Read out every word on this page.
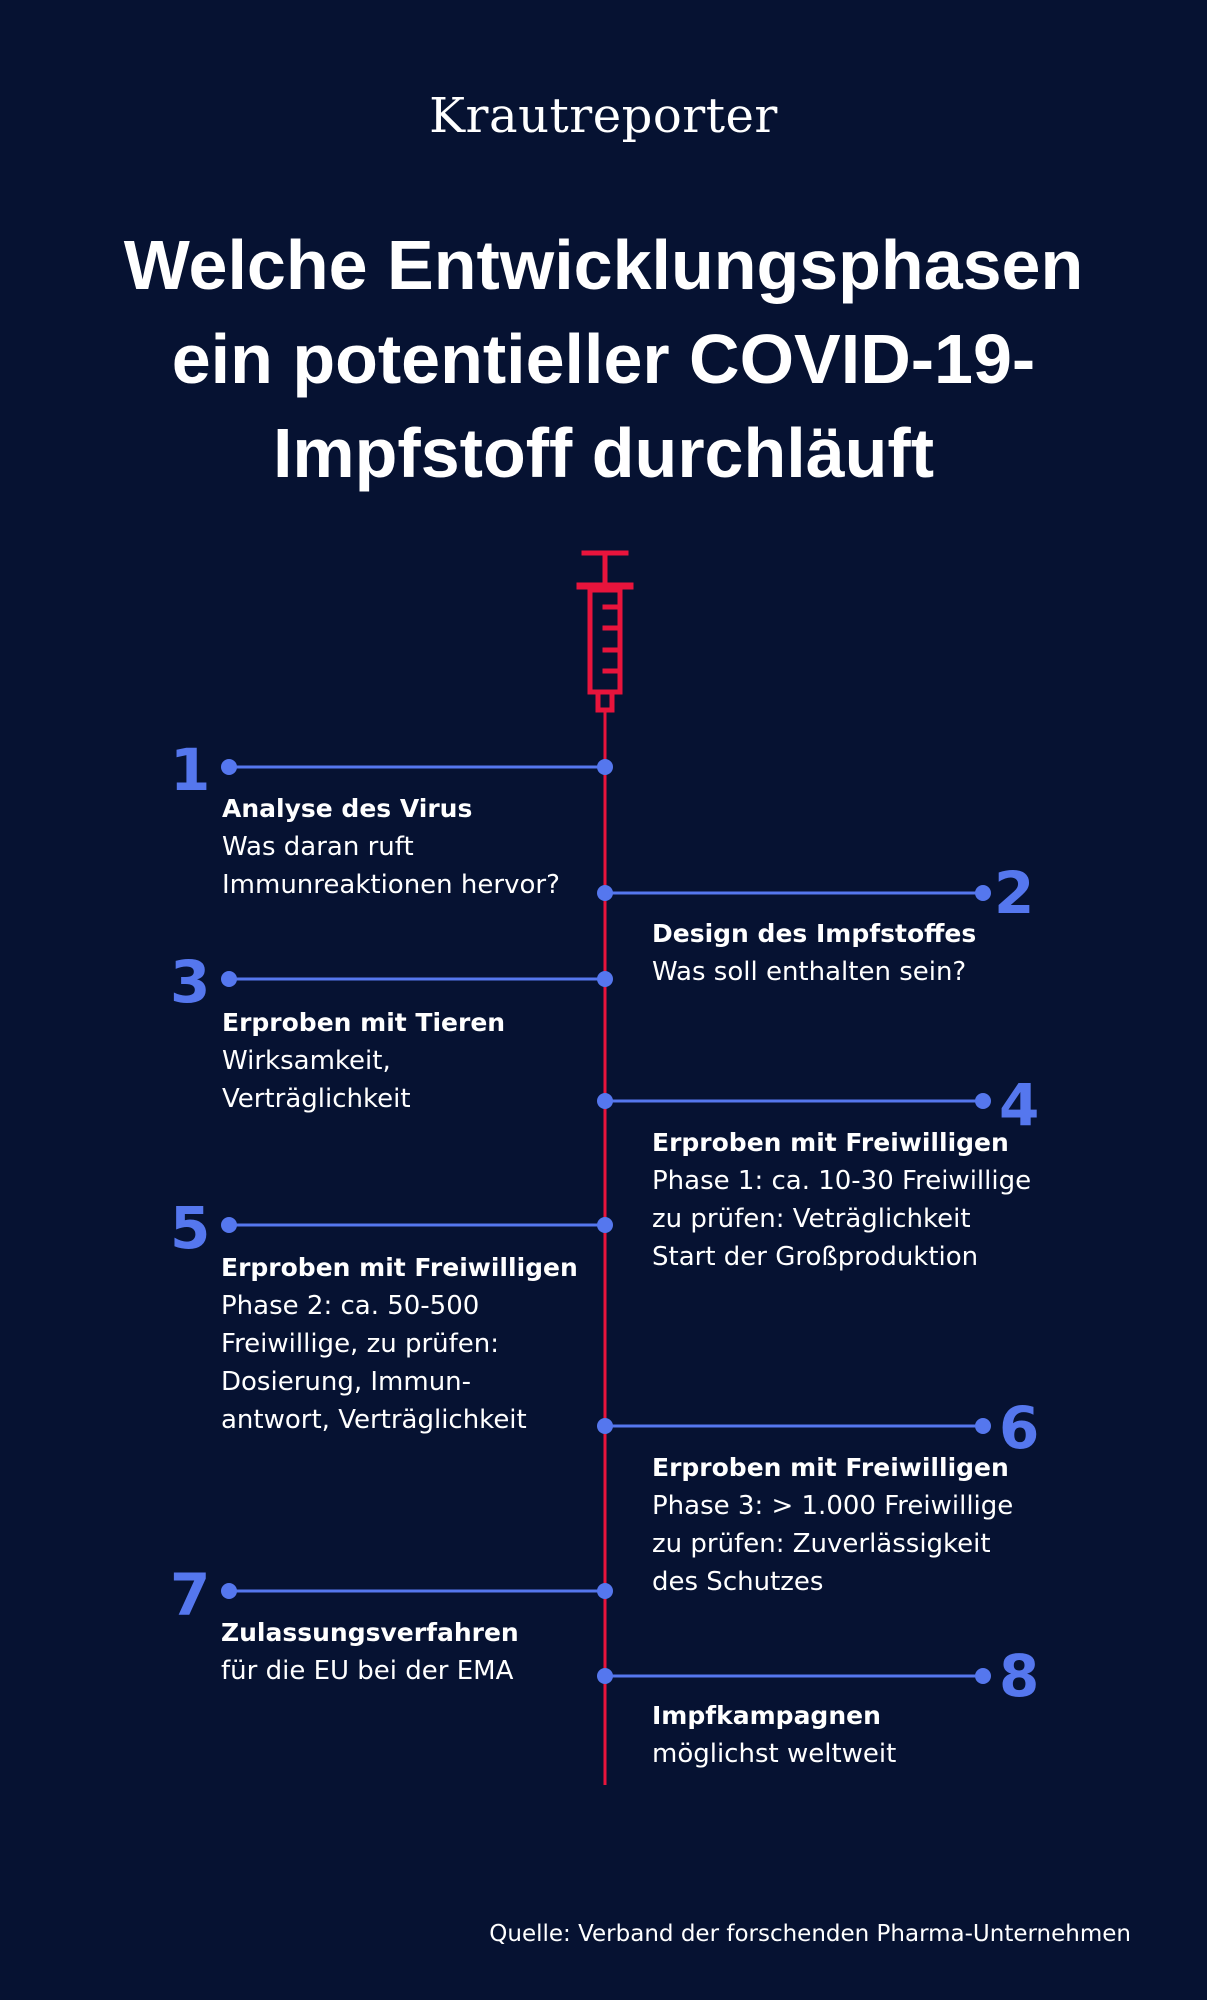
Krautreporter
Welche Entwicklungsphasen
ein potentieller COVID-19-
Impfstoff durchläuft
1
2
3
4
5
6
7
8
Analyse des Virus
Was daran ruft
Immunreaktionen hervor?
Design des Impfstoffes
Was soll enthalten sein?
Erproben mit Tieren
Wirksamkeit,
Verträglichkeit
Erproben mit Freiwilligen
Phase 1: ca. 10-30 Freiwillige
zu prüfen: Veträglichkeit
Start der Großproduktion
Erproben mit Freiwilligen
Phase 2: ca. 50-500
Freiwillige, zu prüfen:
Dosierung, Immun-
antwort, Verträglichkeit
Erproben mit Freiwilligen
Phase 3: > 1.000 Freiwillige
zu prüfen: Zuverlässigkeit
des Schutzes
Zulassungsverfahren
für die EU bei der EMA
Impfkampagnen
möglichst weltweit
Quelle: Verband der forschenden Pharma-Unternehmen
